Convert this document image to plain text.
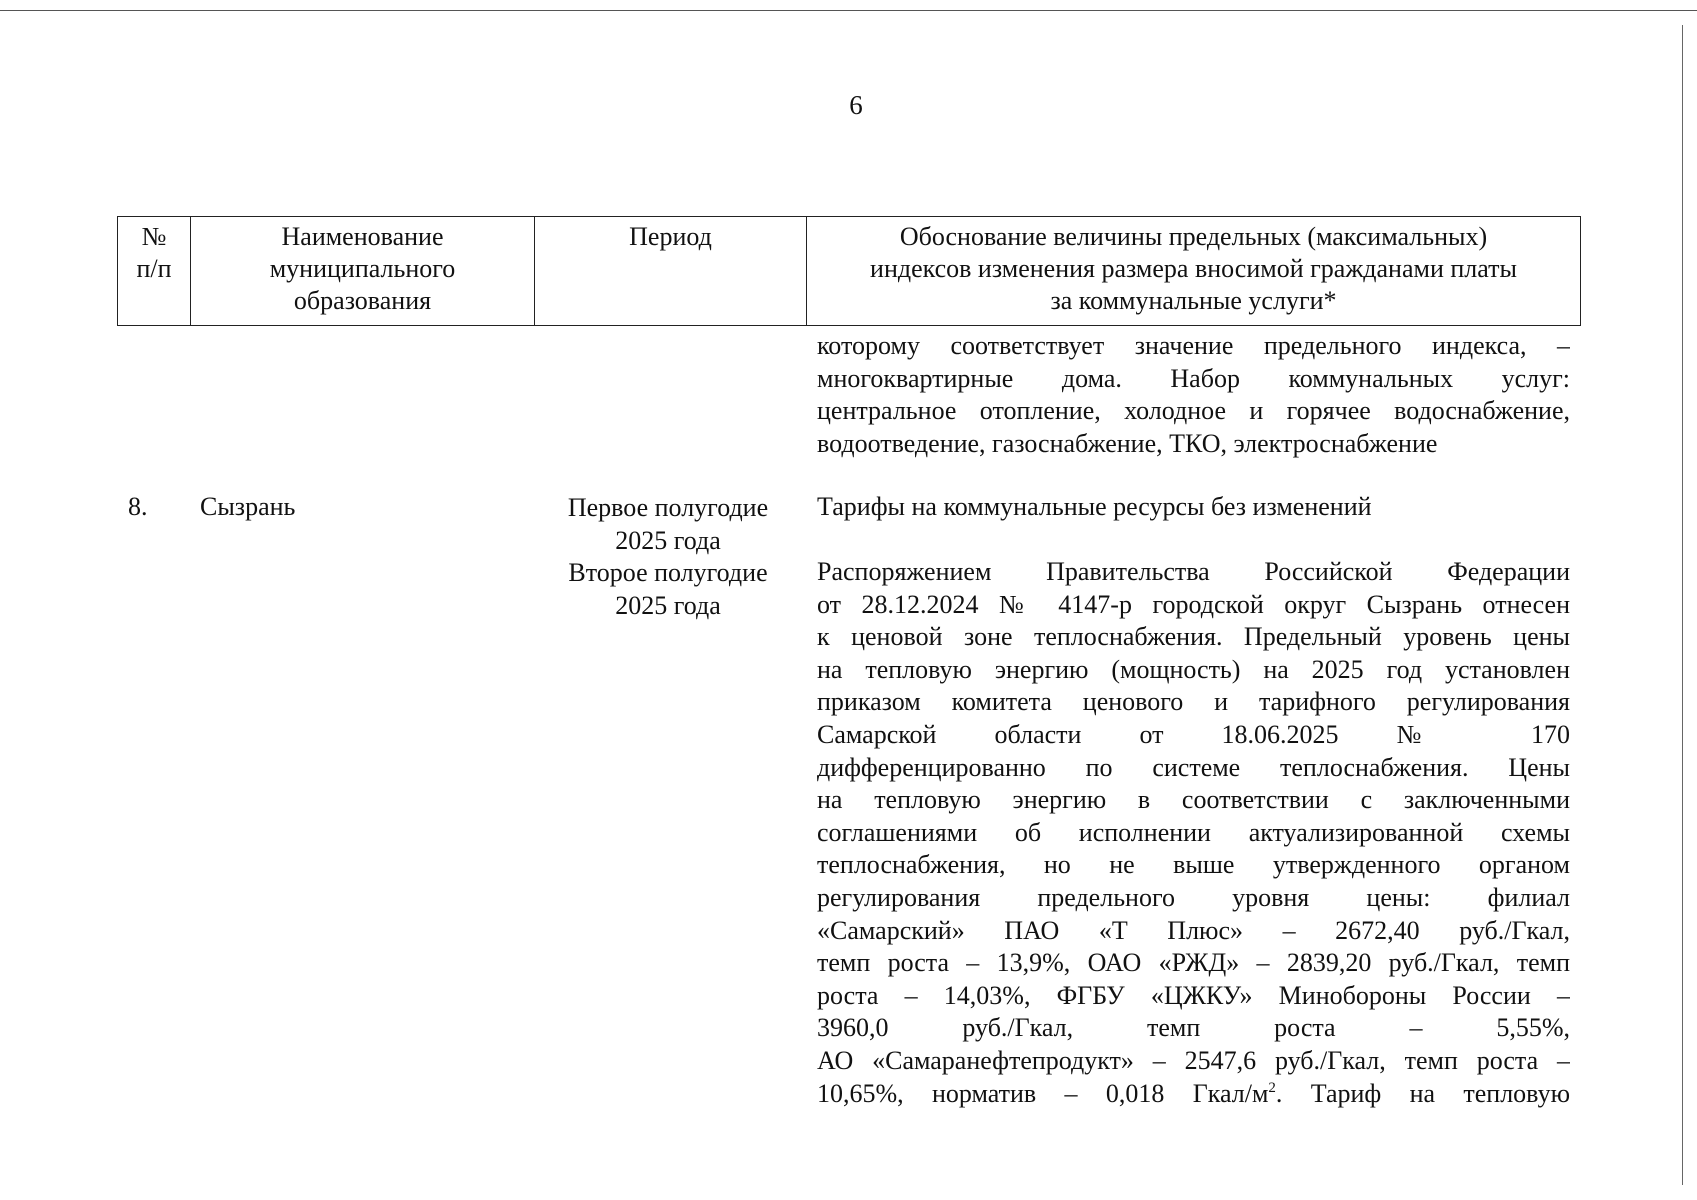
6
№
п/п
Наименование
муниципального
образования
Период	Обоснование величины предельных (максимальных)
индексов изменения размера вносимой гражданами платы
за коммунальные услуги*
которому соответствует значение предельного индекса, –
многоквартирные дома. Набор коммунальных услуг:
центральное отопление, холодное и горячее водоснабжение,
водоотведение, газоснабжение, ТКО, электроснабжение
8. Сызрань	Первое полугодие
2025 года
Второе полугодие
2025 года
Тарифы на коммунальные ресурсы без изменений
Распоряжением Правительства Российской Федерации
от 28.12.2024 № 4147-р городской округ Сызрань отнесен
к ценовой зоне теплоснабжения. Предельный уровень цены
на тепловую энергию (мощность) на 2025 год установлен
приказом комитета ценового и тарифного регулирования
Самарской области от 18.06.2025 № 170
дифференцированно по системе теплоснабжения. Цены
на тепловую энергию в соответствии с заключенными
соглашениями об исполнении актуализированной схемы
теплоснабжения, но не выше утвержденного органом
регулирования предельного уровня цены: филиал
«Самарский» ПАО «Т Плюс» – 2672,40 руб./Гкал,
темп роста – 13,9%, ОАО «РЖД» – 2839,20 руб./Гкал, темп
роста – 14,03%, ФГБУ «ЦЖКУ» Минобороны России –
3960,0 руб./Гкал, темп роста – 5,55%,
АО «Самаранефтепродукт» – 2547,6 руб./Гкал, темп роста –
10,65%, норматив – 0,018 Гкал/$м^2$. Тариф на тепловую
